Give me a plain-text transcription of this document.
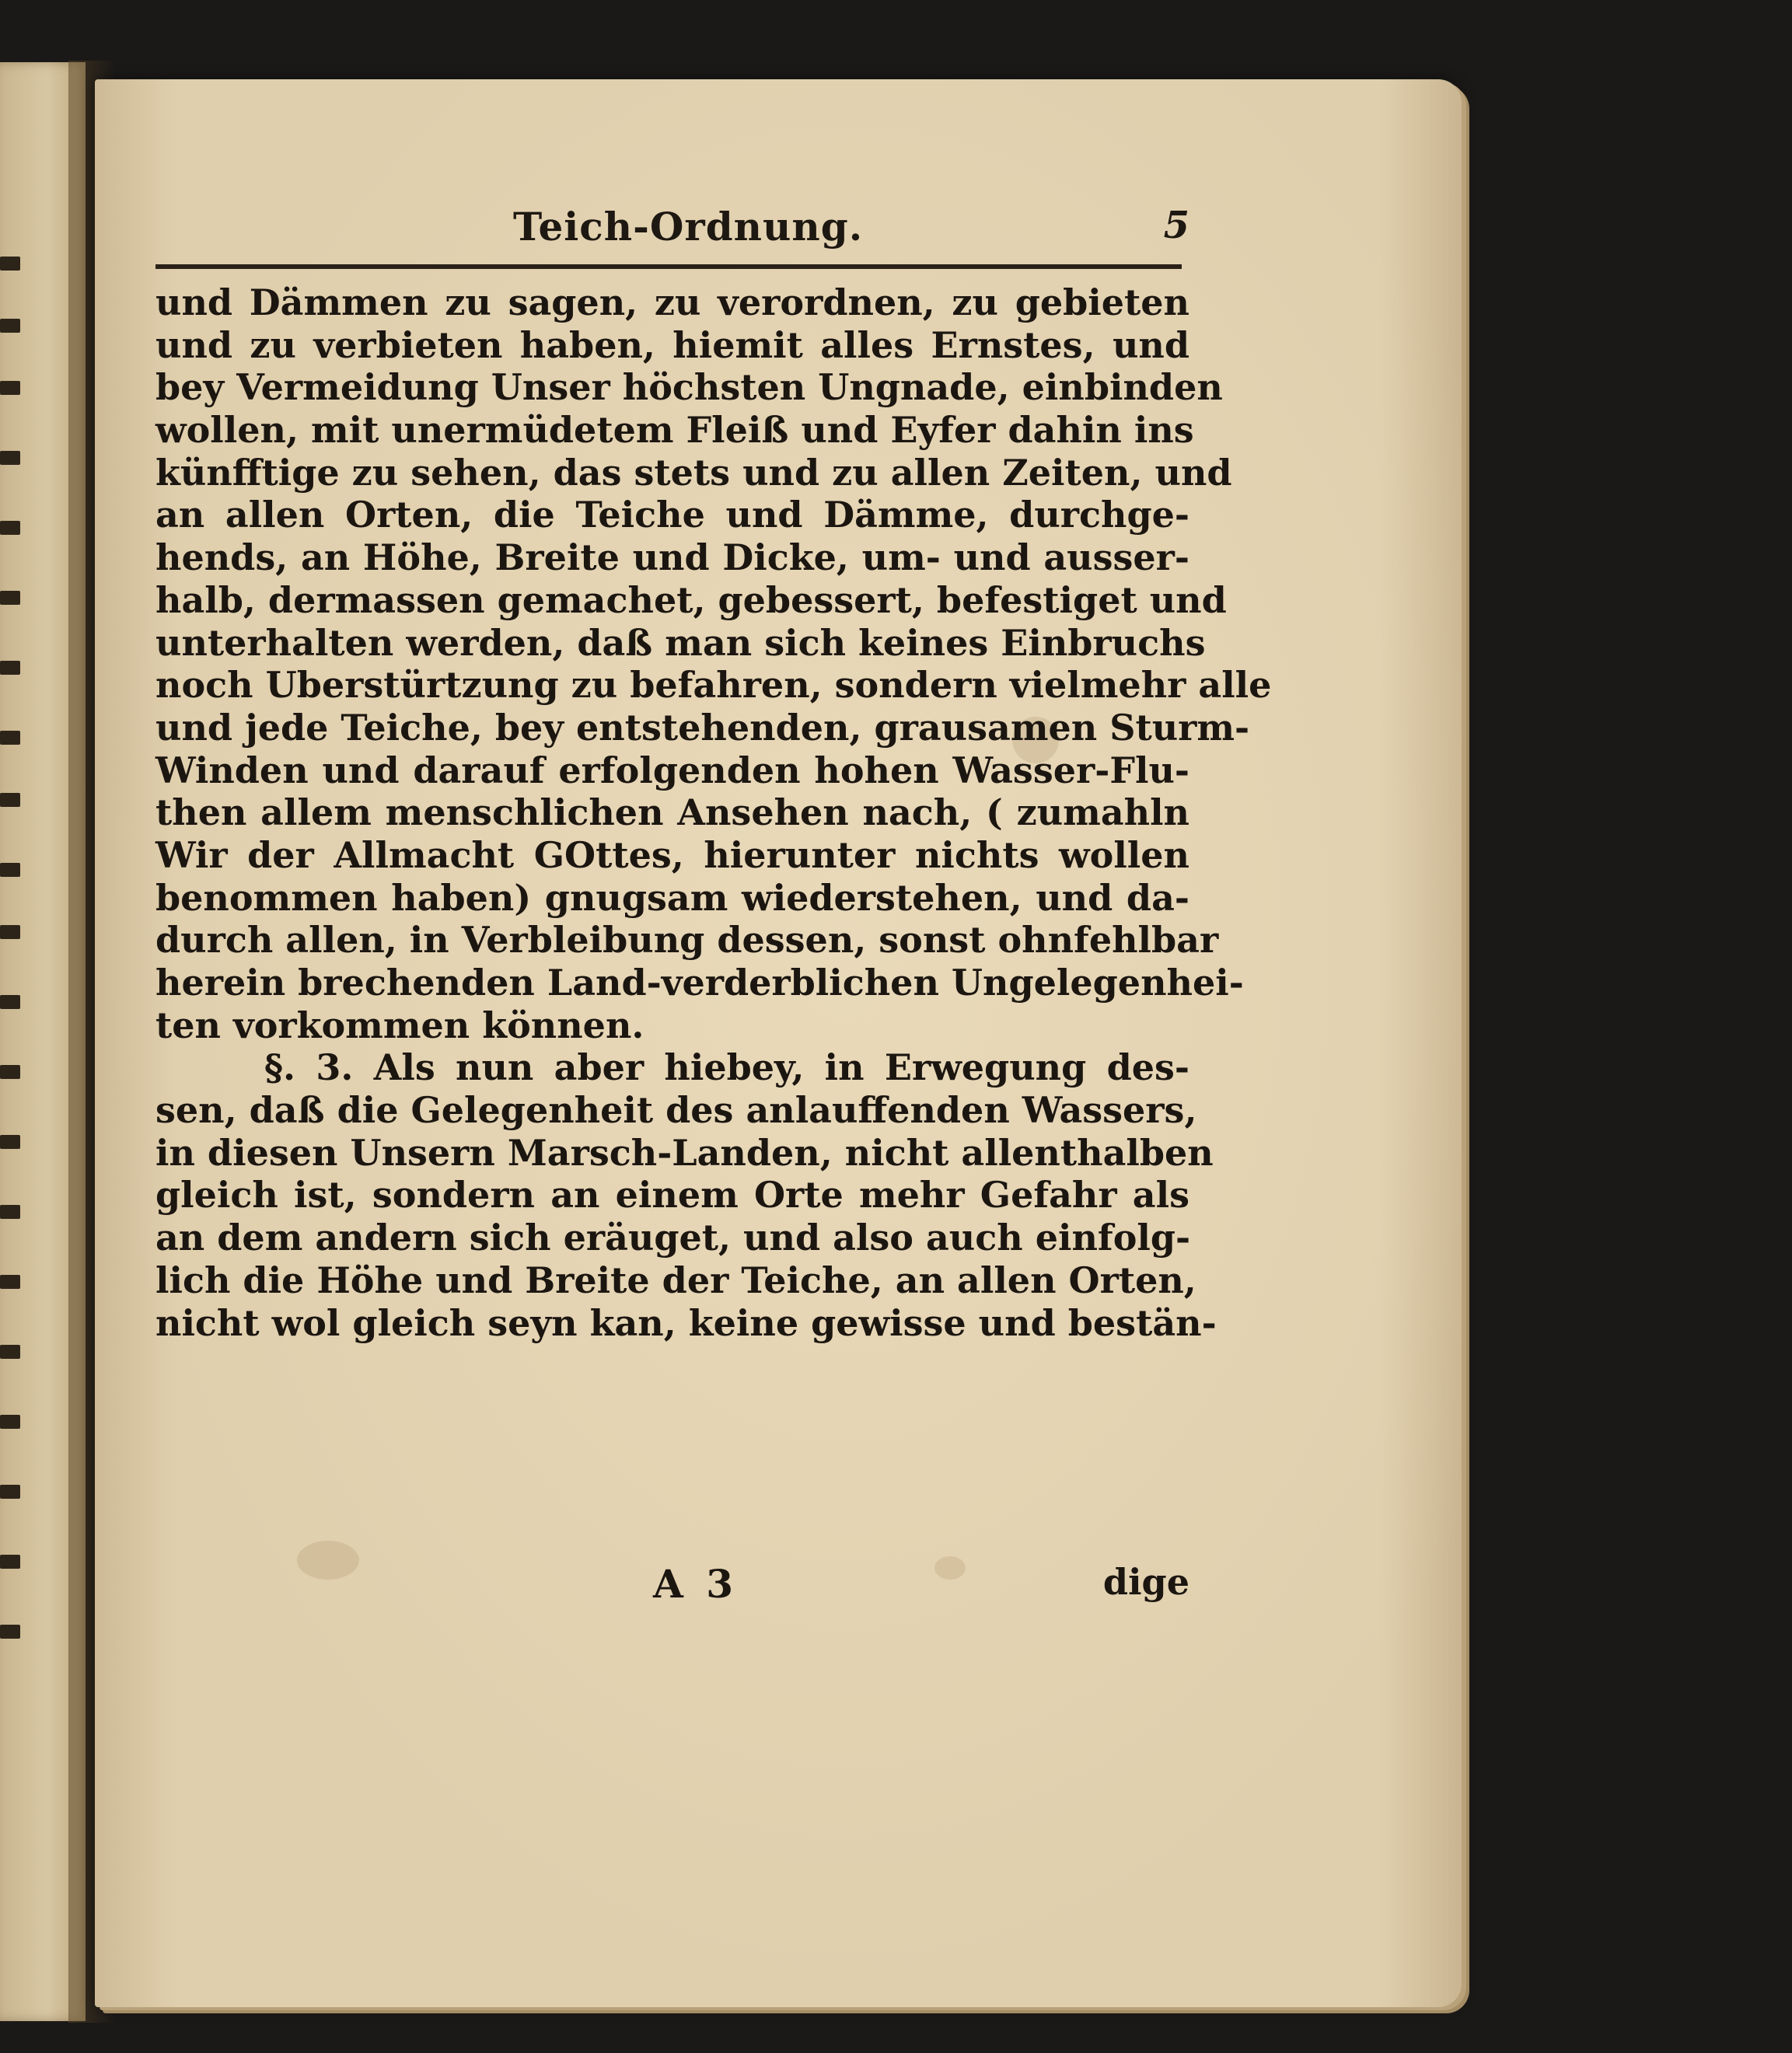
Teich-Ordnung.	5
und Dämmen zu sagen, zu verordnen, zu gebieten
und zu verbieten haben, hiemit alles Ernstes, und
bey Vermeidung Unser höchsten Ungnade, einbinden
wollen, mit unermüdetem Fleiß und Eyfer dahin ins
künfftige zu sehen, das stets und zu allen Zeiten, und
an allen Orten, die Teiche und Dämme, durchge-
hends, an Höhe, Breite und Dicke, um- und ausser-
halb, dermassen gemachet, gebessert, befestiget und
unterhalten werden, daß man sich keines Einbruchs
noch Uberstürtzung zu befahren, sondern vielmehr alle
und jede Teiche, bey entstehenden, grausamen Sturm-
Winden und darauf erfolgenden hohen Wasser-Flu-
then allem menschlichen Ansehen nach, ( zumahln
Wir der Allmacht GOttes, hierunter nichts wollen
benommen haben) gnugsam wiederstehen, und da-
durch allen, in Verbleibung dessen, sonst ohnfehlbar
herein brechenden Land-verderblichen Ungelegenhei-
ten vorkommen können.
§. 3. Als nun aber hiebey, in Erwegung des-
sen, daß die Gelegenheit des anlauffenden Wassers,
in diesen Unsern Marsch-Landen, nicht allenthalben
gleich ist, sondern an einem Orte mehr Gefahr als
an dem andern sich eräuget, und also auch einfolg-
lich die Höhe und Breite der Teiche, an allen Orten,
nicht wol gleich seyn kan, keine gewisse und bestän-
A 3	dige
